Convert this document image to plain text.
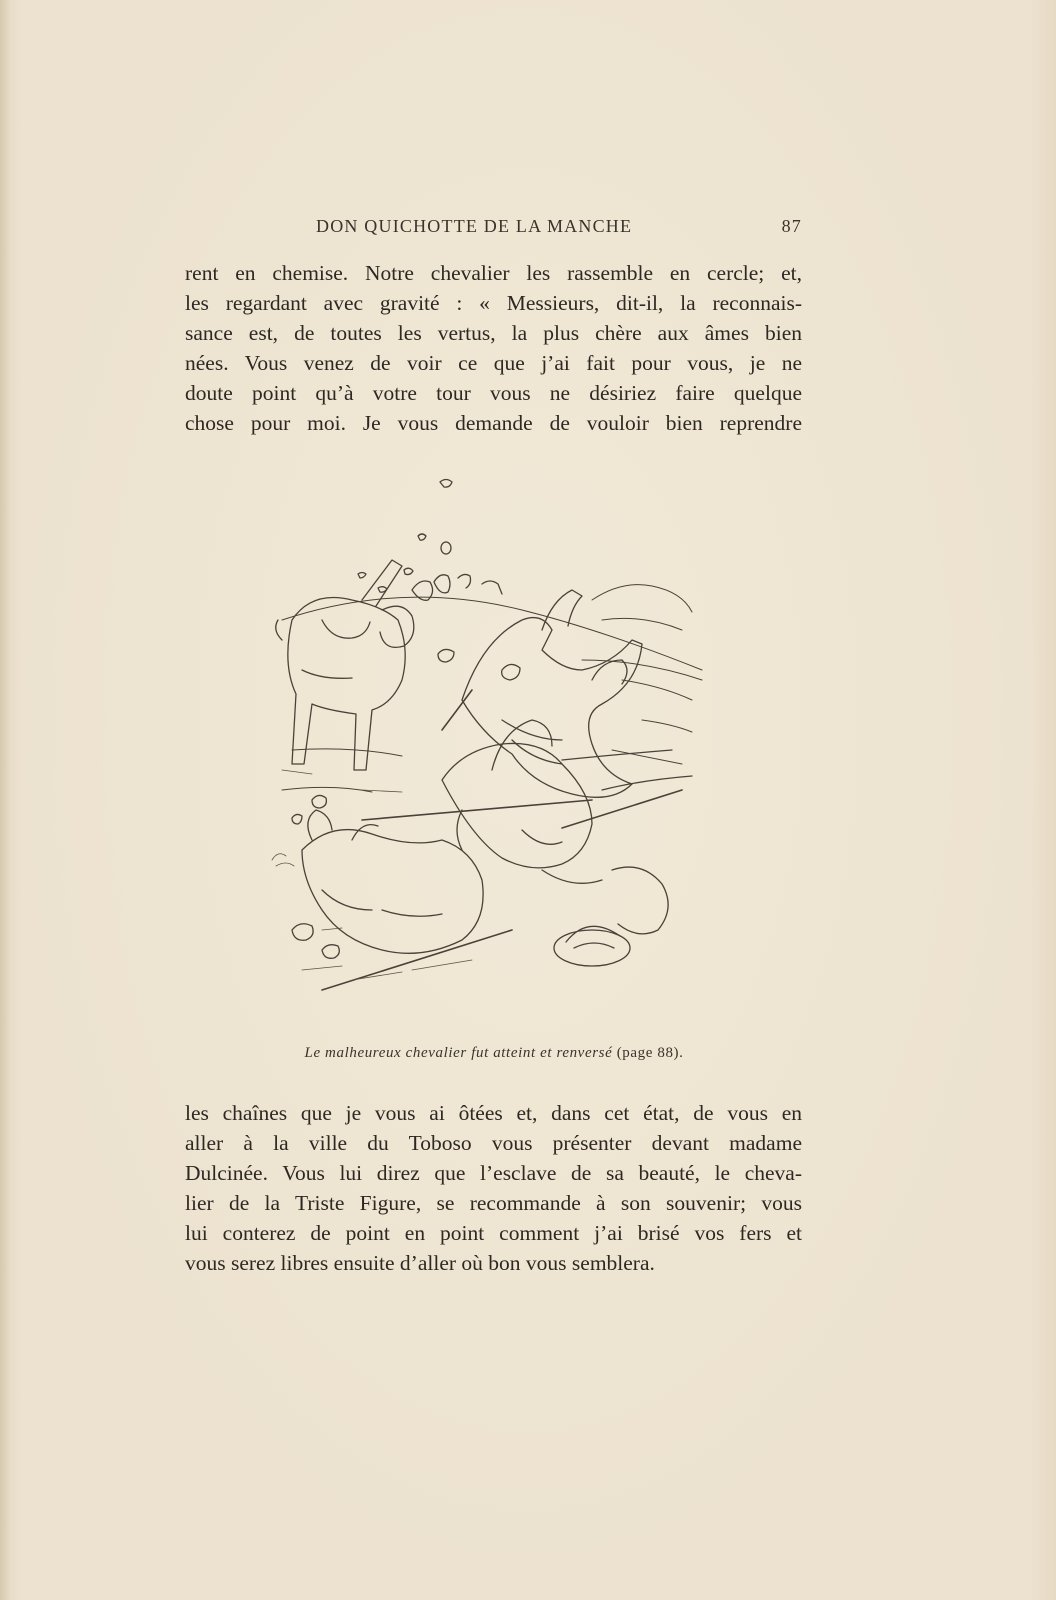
DON QUICHOTTE DE LA MANCHE	87
rent en chemise. Notre chevalier les rassemble en cercle; et,
les regardant avec gravité : « Messieurs, dit-il, la reconnais-
sance est, de toutes les vertus, la plus chère aux âmes bien
nées. Vous venez de voir ce que j’ai fait pour vous, je ne
doute point qu’à votre tour vous ne désiriez faire quelque
chose pour moi. Je vous demande de vouloir bien reprendre
Le malheureux chevalier fut atteint et renversé (page 88).
les chaînes que je vous ai ôtées et, dans cet état, de vous en
aller à la ville du Toboso vous présenter devant madame
Dulcinée. Vous lui direz que l’esclave de sa beauté, le cheva-
lier de la Triste Figure, se recommande à son souvenir; vous
lui conterez de point en point comment j’ai brisé vos fers et
vous serez libres ensuite d’aller où bon vous semblera.
